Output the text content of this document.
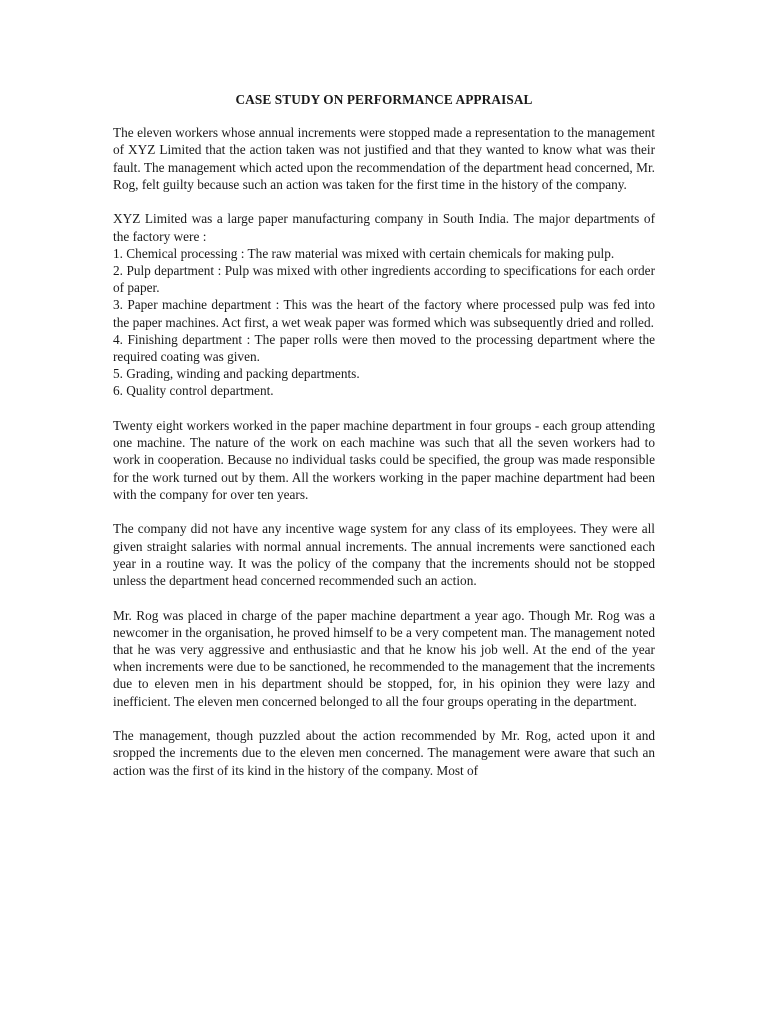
CASE STUDY ON PERFORMANCE APPRAISAL

The eleven workers whose annual increments were stopped made a representation to the management of XYZ Limited that the action taken was not justified and that they wanted to know what was their fault. The management which acted upon the recommendation of the department head concerned, Mr. Rog, felt guilty because such an action was taken for the first time in the history of the company.

XYZ Limited was a large paper manufacturing company in South India. The major departments of the factory were :

1. Chemical processing : The raw material was mixed with certain chemicals for making pulp.

2. Pulp department : Pulp was mixed with other ingredients according to specifications for each order of paper.

3. Paper machine department : This was the heart of the factory where processed pulp was fed into the paper machines. Act first, a wet weak paper was formed which was subsequently dried and rolled.

4. Finishing department : The paper rolls were then moved to the processing department where the required coating was given.

5. Grading, winding and packing departments.

6. Quality control department.

Twenty eight workers worked in the paper machine department in four groups - each group attending one machine. The nature of the work on each machine was such that all the seven workers had to work in cooperation. Because no individual tasks could be specified, the group was made responsible for the work turned out by them. All the workers working in the paper machine department had been with the company for over ten years.

The company did not have any incentive wage system for any class of its employees. They were all given straight salaries with normal annual increments. The annual increments were sanctioned each year in a routine way. It was the policy of the company that the increments should not be stopped unless the department head concerned recommended such an action.

Mr. Rog was placed in charge of the paper machine department a year ago. Though Mr. Rog was a newcomer in the organisation, he proved himself to be a very competent man. The management noted that he was very aggressive and enthusiastic and that he know his job well. At the end of the year when increments were due to be sanctioned, he recommended to the management that the increments due to eleven men in his department should be stopped, for, in his opinion they were lazy and inefficient. The eleven men concerned belonged to all the four groups operating in the department.

The management, though puzzled about the action recommended by Mr. Rog, acted upon it and sropped the increments due to the eleven men concerned. The management were aware that such an action was the first of its kind in the history of the company. Most of
